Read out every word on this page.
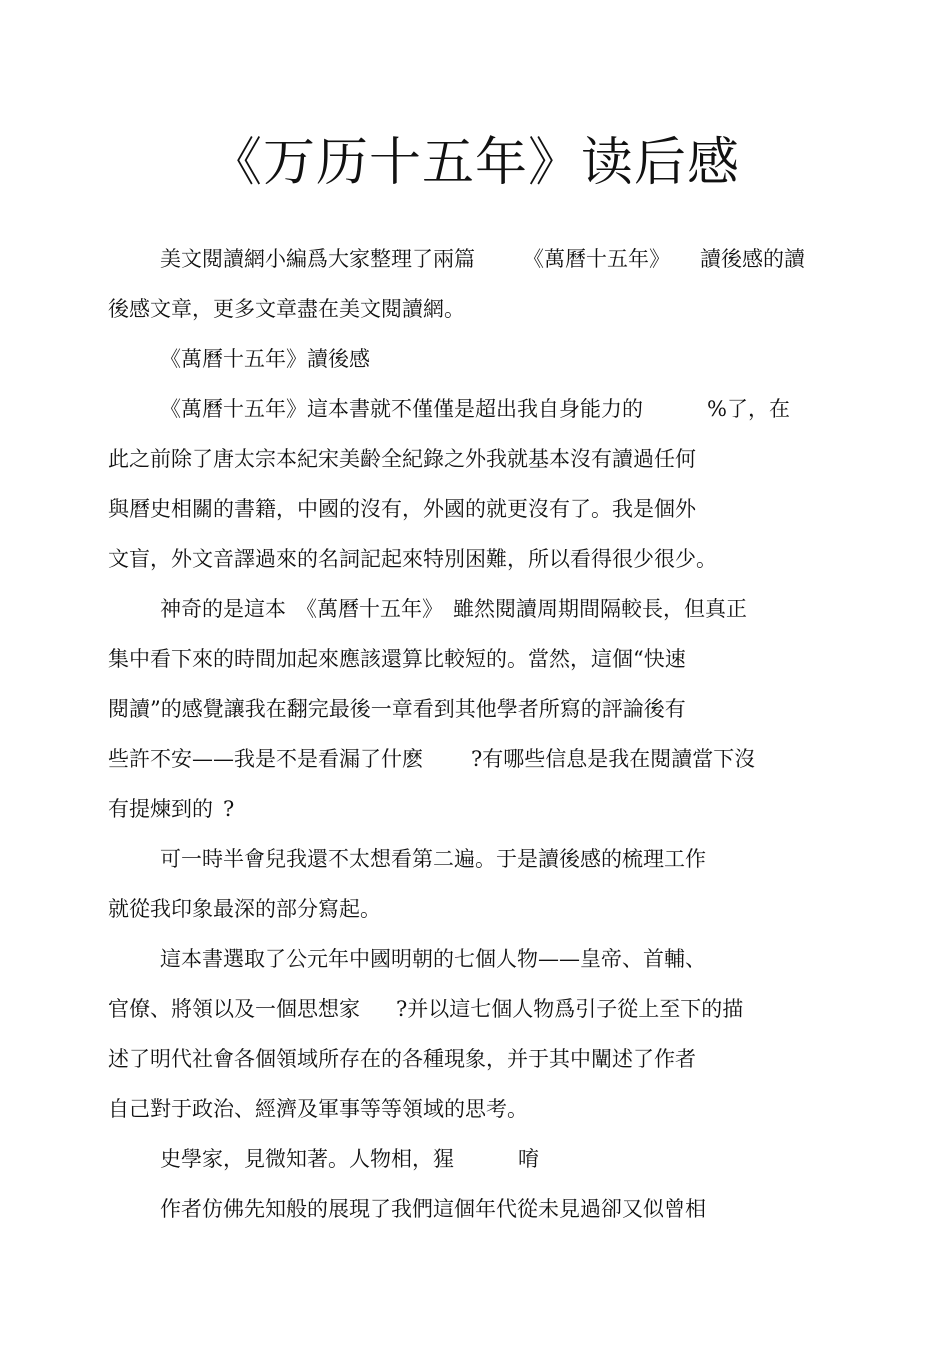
《万历十五年》读后感
美文閱讀網小編爲大家整理了兩篇 《萬曆十五年》 讀後感的讀
後感文章，更多文章盡在美文閱讀網。
《萬曆十五年》讀後感
《萬曆十五年》這本書就不僅僅是超出我自身能力的	%了，在
此之前除了唐太宗本紀宋美齡全紀錄之外我就基本沒有讀過任何
與曆史相關的書籍，中國的沒有，外國的就更沒有了。我是個外
文盲，外文音譯過來的名詞記起來特別困難，所以看得很少很少。
神奇的是這本 《萬曆十五年》 雖然閱讀周期間隔較長，但真正
集中看下來的時間加起來應該還算比較短的。當然，這個“快速
閱讀”的感覺讓我在翻完最後一章看到其他學者所寫的評論後有
些許不安——我是不是看漏了什麽 ?有哪些信息是我在閱讀當下沒
有提煉到的 ?
可一時半會兒我還不太想看第二遍。于是讀後感的梳理工作
就從我印象最深的部分寫起。
這本書選取了公元年中國明朝的七個人物——皇帝、首輔、
官僚、將領以及一個思想家 ?并以這七個人物爲引子從上至下的描
述了明代社會各個領域所存在的各種現象，并于其中闡述了作者
自己對于政治、經濟及軍事等等領域的思考。
史學家，見微知著。人物相，猩	唷
作者仿佛先知般的展現了我們這個年代從未見過卻又似曾相
